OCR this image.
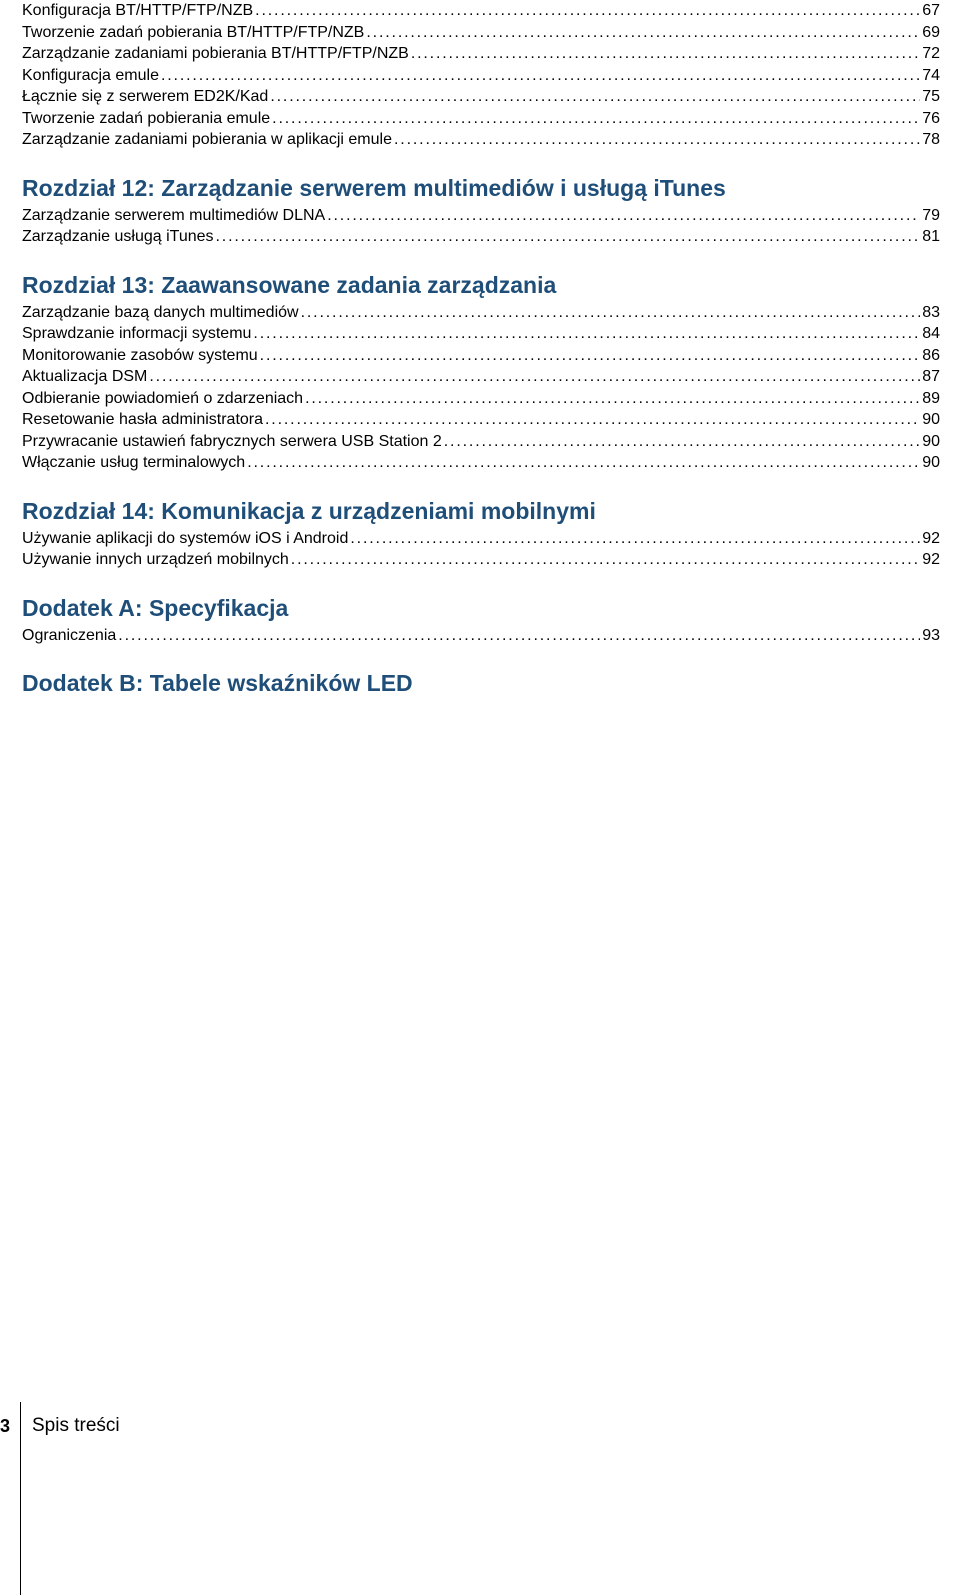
Konfiguracja BT/HTTP/FTP/NZB . . .	67
Tworzenie zadań pobierania BT/HTTP/FTP/NZB . . .	69
Zarządzanie zadaniami pobierania BT/HTTP/FTP/NZB . . .	72
Konfiguracja emule . . .	74
Łącznie się z serwerem ED2K/Kad . . .	75
Tworzenie zadań pobierania emule . . .	76
Zarządzanie zadaniami pobierania w aplikacji emule . . .	78
Rozdział 12: Zarządzanie serwerem multimediów i usługą iTunes
Zarządzanie serwerem multimediów DLNA . . .	79
Zarządzanie usługą iTunes . . .	81
Rozdział 13: Zaawansowane zadania zarządzania
Zarządzanie bazą danych multimediów . . .	83
Sprawdzanie informacji systemu . . .	84
Monitorowanie zasobów systemu . . .	86
Aktualizacja DSM . . .	87
Odbieranie powiadomień o zdarzeniach . . .	89
Resetowanie hasła administratora . . .	90
Przywracanie ustawień fabrycznych serwera USB Station 2 . . .	90
Włączanie usług terminalowych . . .	90
Rozdział 14: Komunikacja z urządzeniami mobilnymi
Używanie aplikacji do systemów iOS i Android . . .	92
Używanie innych urządzeń mobilnych . . .	92
Dodatek A: Specyfikacja
Ograniczenia . . .	93
Dodatek B: Tabele wskaźników LED
3 Spis treści
